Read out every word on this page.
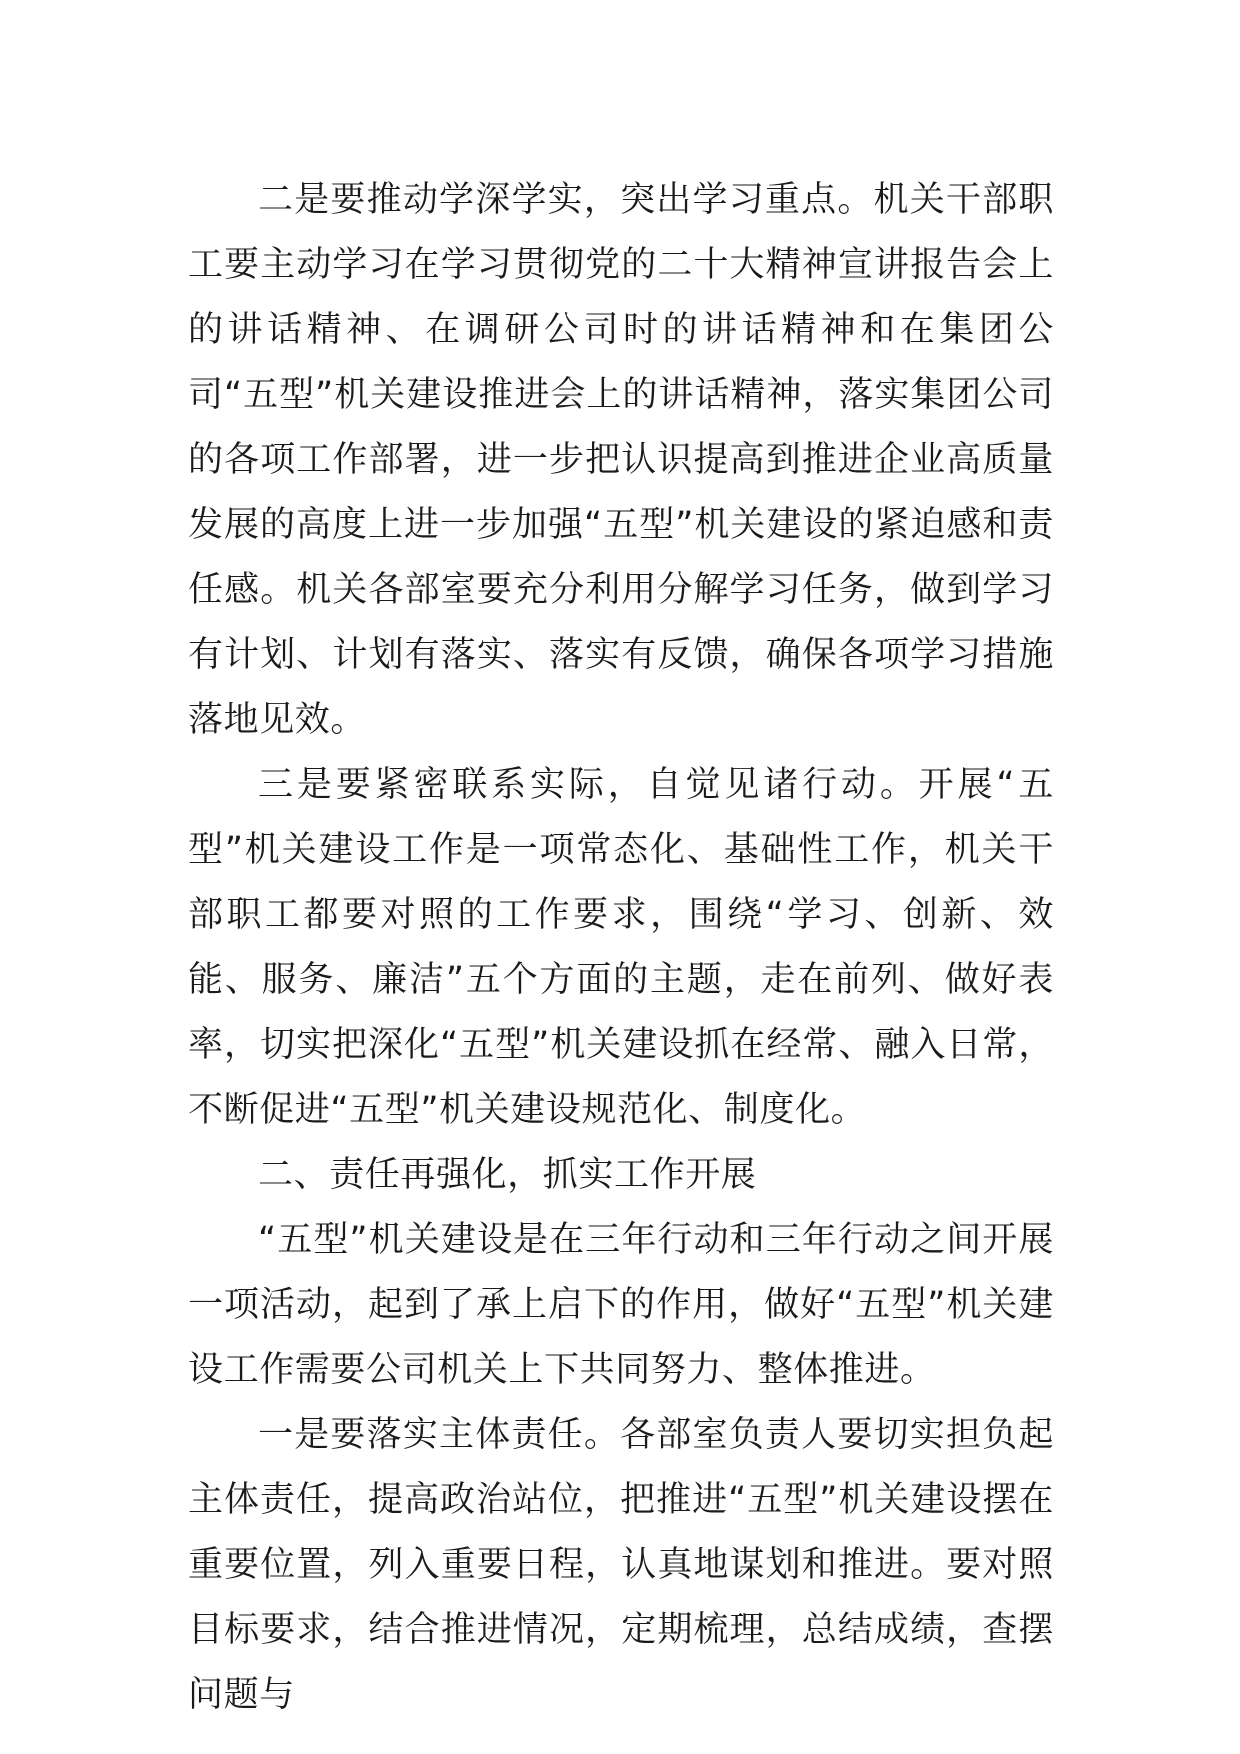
二是要推动学深学实，突出学习重点。机关干部职工要主动学习在学习贯彻党的二十大精神宣讲报告会上的讲话精神、在调研公司时的讲话精神和在集团公司“五型”机关建设推进会上的讲话精神，落实集团公司的各项工作部署，进一步把认识提高到推进企业高质量发展的高度上进一步加强“五型”机关建设的紧迫感和责任感。机关各部室要充分利用分解学习任务，做到学习有计划、计划有落实、落实有反馈，确保各项学习措施落地见效。

三是要紧密联系实际，自觉见诸行动。开展“五型”机关建设工作是一项常态化、基础性工作，机关干部职工都要对照的工作要求，围绕“学习、创新、效能、服务、廉洁”五个方面的主题，走在前列、做好表率，切实把深化“五型”机关建设抓在经常、融入日常，不断促进“五型”机关建设规范化、制度化。

二、责任再强化，抓实工作开展

“五型”机关建设是在三年行动和三年行动之间开展一项活动，起到了承上启下的作用，做好“五型”机关建设工作需要公司机关上下共同努力、整体推进。

一是要落实主体责任。各部室负责人要切实担负起主体责任，提高政治站位，把推进“五型”机关建设摆在重要位置，列入重要日程，认真地谋划和推进。要对照目标要求，结合推进情况，定期梳理，总结成绩，查摆问题与
